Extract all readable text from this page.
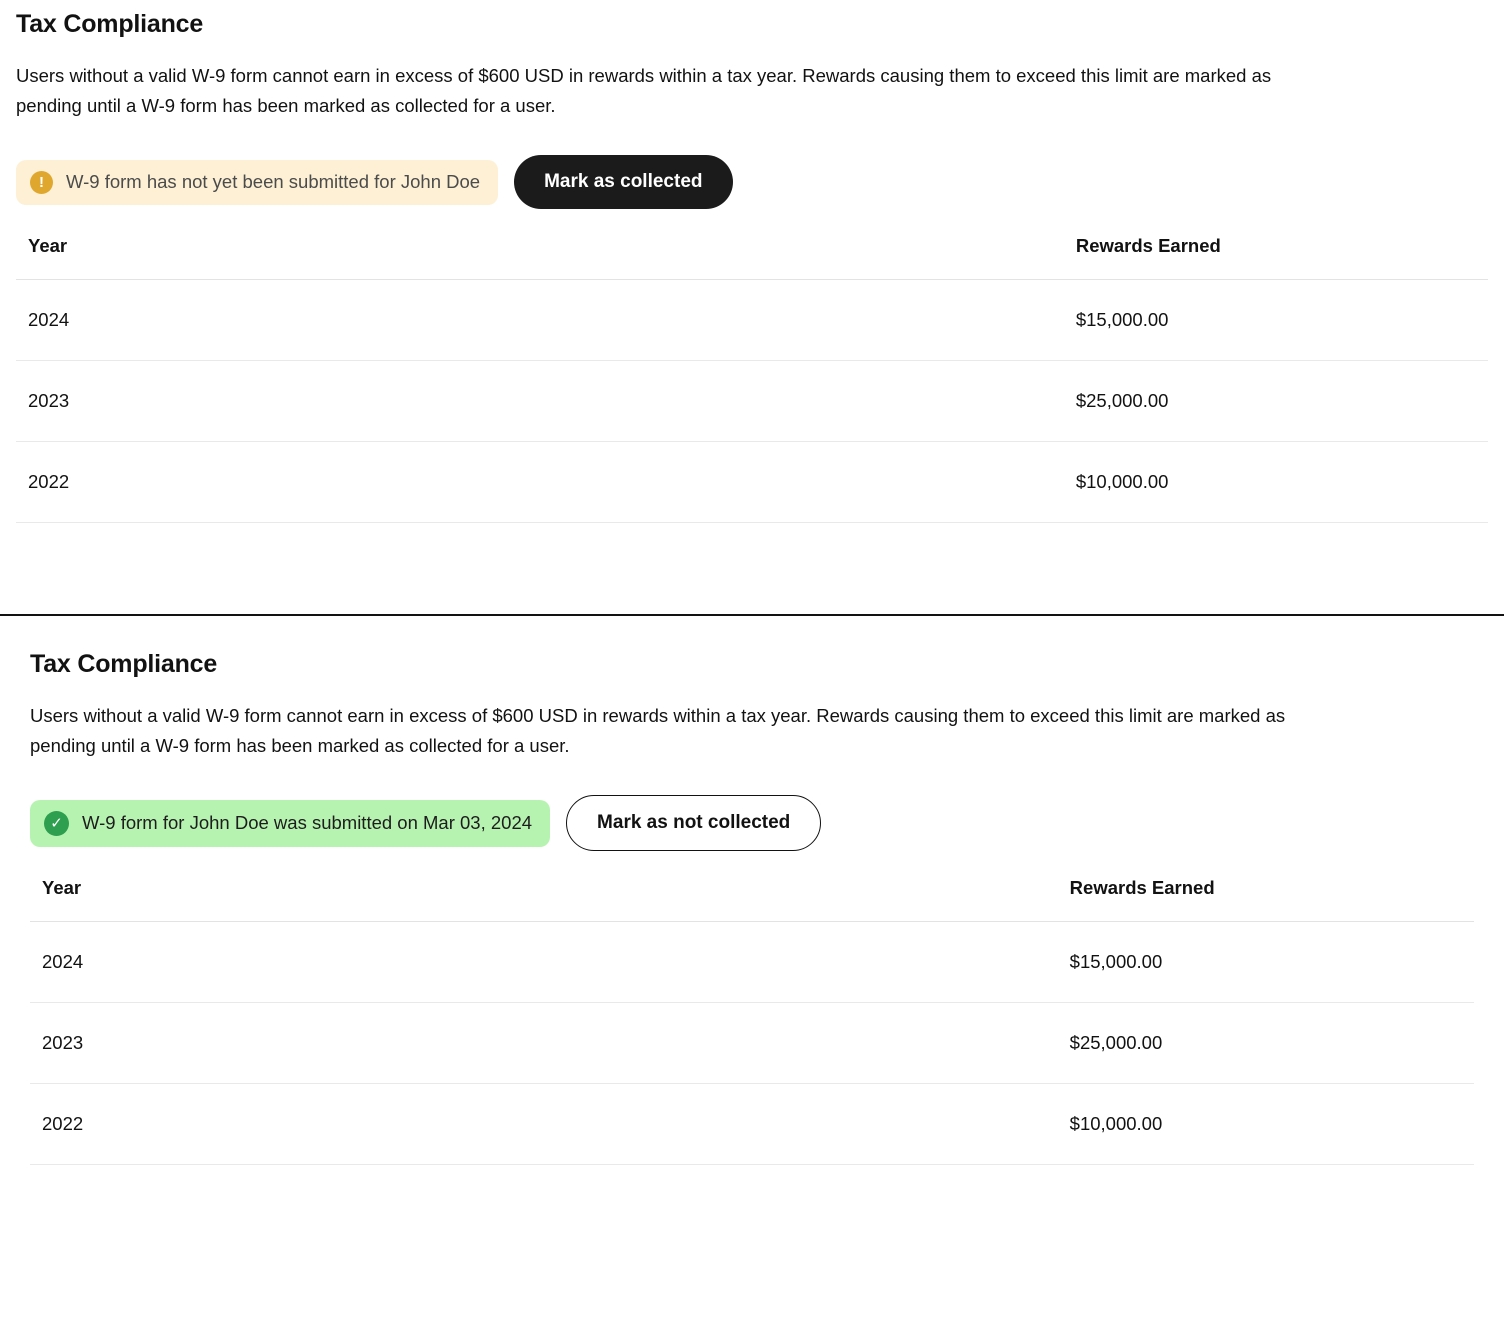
Tax Compliance

Users without a valid W-9 form cannot earn in excess of $600 USD in rewards within a tax year. Rewards causing them to exceed this limit are marked as pending until a W-9 form has been marked as collected for a user.

!	W-9 form has not yet been submitted for John Doe	Mark as collected
Year	Rewards Earned
2024	$15,000.00
2023	$25,000.00
2022	$10,000.00
Tax Compliance

Users without a valid W-9 form cannot earn in excess of $600 USD in rewards within a tax year. Rewards causing them to exceed this limit are marked as pending until a W-9 form has been marked as collected for a user.

✓	W-9 form for John Doe was submitted on Mar 03, 2024	Mark as not collected
Year	Rewards Earned
2024	$15,000.00
2023	$25,000.00
2022	$10,000.00
